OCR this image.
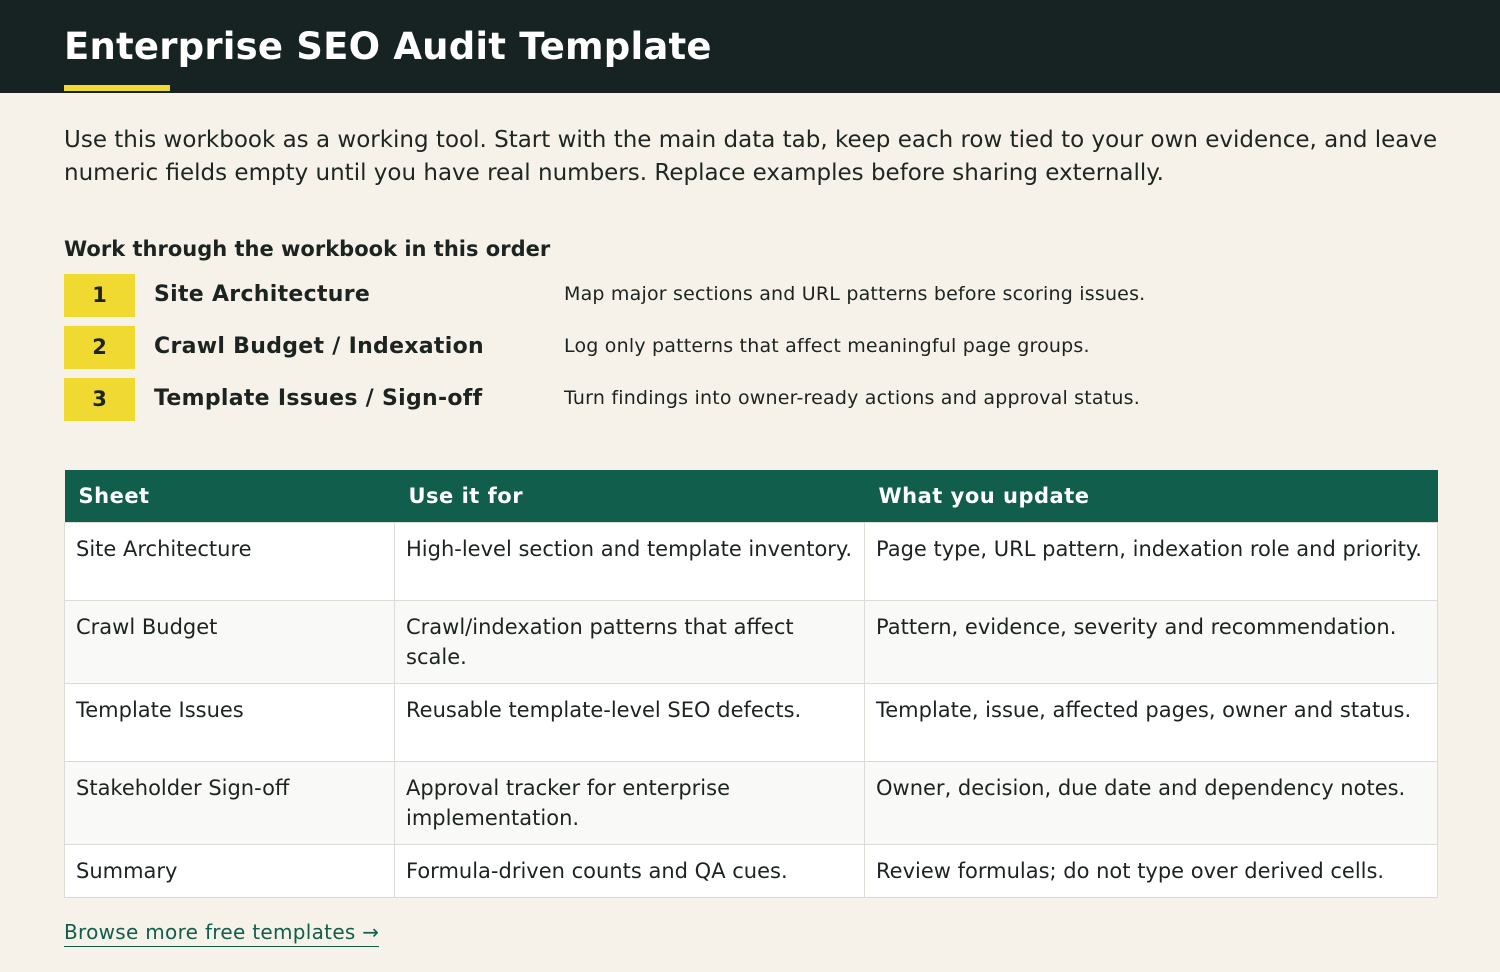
Enterprise SEO Audit Template

Use this workbook as a working tool. Start with the main data tab, keep each row tied to your own evidence, and leave numeric fields empty until you have real numbers. Replace examples before sharing externally.

Work through the workbook in this order
1	Site Architecture	Map major sections and URL patterns before scoring issues.
2	Crawl Budget / Indexation	Log only patterns that affect meaningful page groups.
3	Template Issues / Sign-off	Turn findings into owner-ready actions and approval status.
Sheet	Use it for	What you update
Site Architecture	High-level section and template inventory.	Page type, URL pattern, indexation role and priority.
Crawl Budget	Crawl/indexation patterns that affect scale.	Pattern, evidence, severity and recommendation.
Template Issues	Reusable template-level SEO defects.	Template, issue, affected pages, owner and status.
Stakeholder Sign-off	Approval tracker for enterprise implementation.	Owner, decision, due date and dependency notes.
Summary	Formula-driven counts and QA cues.	Review formulas; do not type over derived cells.
Browse more free templates →
